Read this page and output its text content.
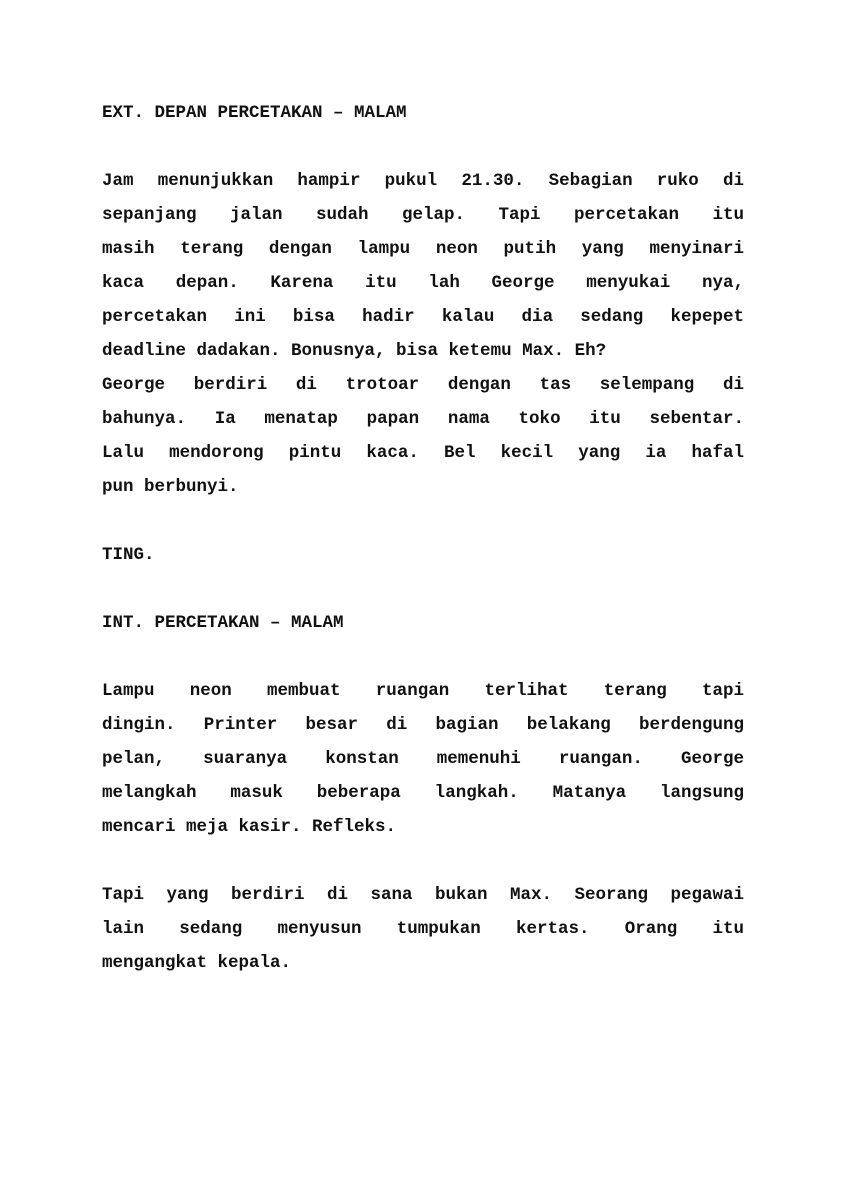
EXT. DEPAN PERCETAKAN – MALAM
Jam menunjukkan hampir pukul 21.30. Sebagian ruko di
sepanjang jalan sudah gelap. Tapi percetakan itu
masih terang dengan lampu neon putih yang menyinari
kaca depan. Karena itu lah George menyukai nya,
percetakan ini bisa hadir kalau dia sedang kepepet
deadline dadakan. Bonusnya, bisa ketemu Max. Eh?
George berdiri di trotoar dengan tas selempang di
bahunya. Ia menatap papan nama toko itu sebentar.
Lalu mendorong pintu kaca. Bel kecil yang ia hafal
pun berbunyi.
TING.
INT. PERCETAKAN – MALAM
Lampu neon membuat ruangan terlihat terang tapi
dingin. Printer besar di bagian belakang berdengung
pelan, suaranya konstan memenuhi ruangan. George
melangkah masuk beberapa langkah. Matanya langsung
mencari meja kasir. Refleks.
Tapi yang berdiri di sana bukan Max. Seorang pegawai
lain sedang menyusun tumpukan kertas. Orang itu
mengangkat kepala.
